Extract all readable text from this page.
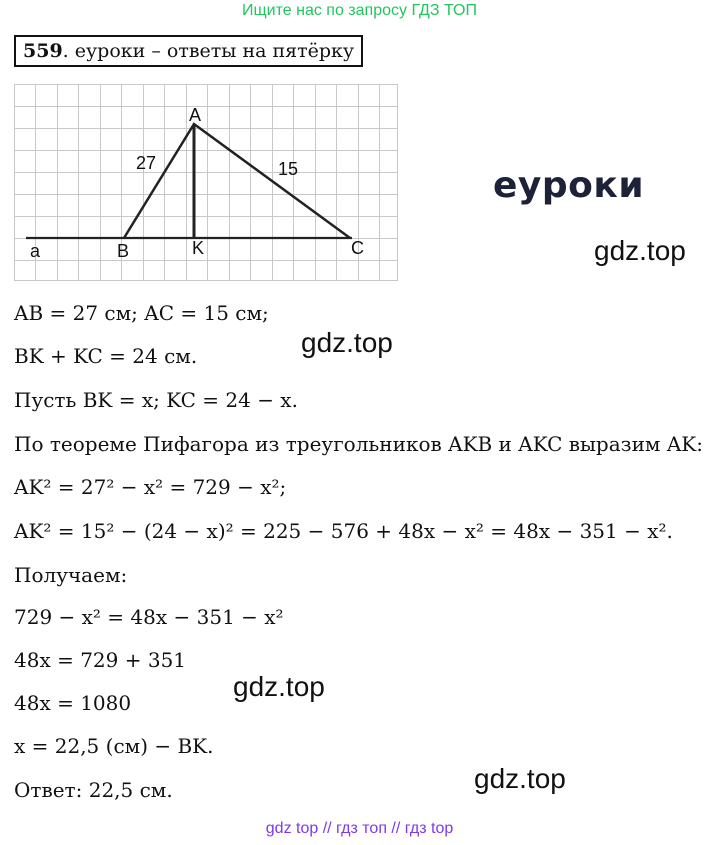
Ищите нас по запросу ГДЗ ТОП
559. еуроки – ответы на пятёрку
A
B	K	C
a
27	15	еуроки
gdz.top
gdz.top
gdz.top
gdz.top
AB = 27 см; AC = 15 см;
BK + KC = 24 см.
Пусть BK = x; KC = 24 − x.
По теореме Пифагора из треугольников AKB и AKC выразим AK:
AK² = 27² − x² = 729 − x²;
AK² = 15² − (24 − x)² = 225 − 576 + 48x − x² = 48x − 351 − x².
Получаем:
729 − x² = 48x − 351 − x²
48x = 729 + 351
48x = 1080
x = 22,5 (см) − BK.
Ответ: 22,5 см.
gdz top // гдз топ // гдз top
